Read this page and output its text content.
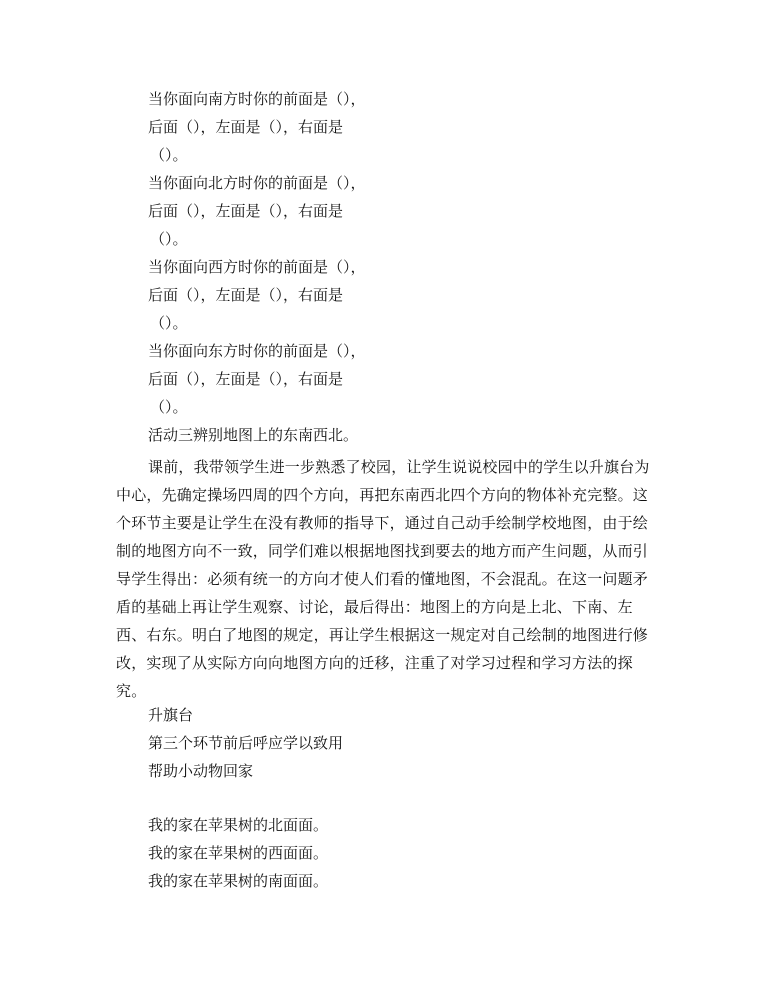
当你面向南方时你的前面是（），
后面（），左面是（），右面是
（）。
当你面向北方时你的前面是（），
后面（），左面是（），右面是
（）。
当你面向西方时你的前面是（），
后面（），左面是（），右面是
（）。
当你面向东方时你的前面是（），
后面（），左面是（），右面是
（）。
活动三辨别地图上的东南西北。
课前，我带领学生进一步熟悉了校园，让学生说说校园中的学生以升旗台为中心，先确定操场四周的四个方向，再把东南西北四个方向的物体补充完整。这个环节主要是让学生在没有教师的指导下，通过自己动手绘制学校地图，由于绘制的地图方向不一致，同学们难以根据地图找到要去的地方而产生问题，从而引导学生得出：必须有统一的方向才使人们看的懂地图，不会混乱。在这一问题矛盾的基础上再让学生观察、讨论，最后得出：地图上的方向是上北、下南、左西、右东。明白了地图的规定，再让学生根据这一规定对自己绘制的地图进行修改，实现了从实际方向向地图方向的迁移，注重了对学习过程和学习方法的探究。
升旗台
第三个环节前后呼应学以致用
帮助小动物回家
我的家在苹果树的北面面。
我的家在苹果树的西面面。
我的家在苹果树的南面面。
